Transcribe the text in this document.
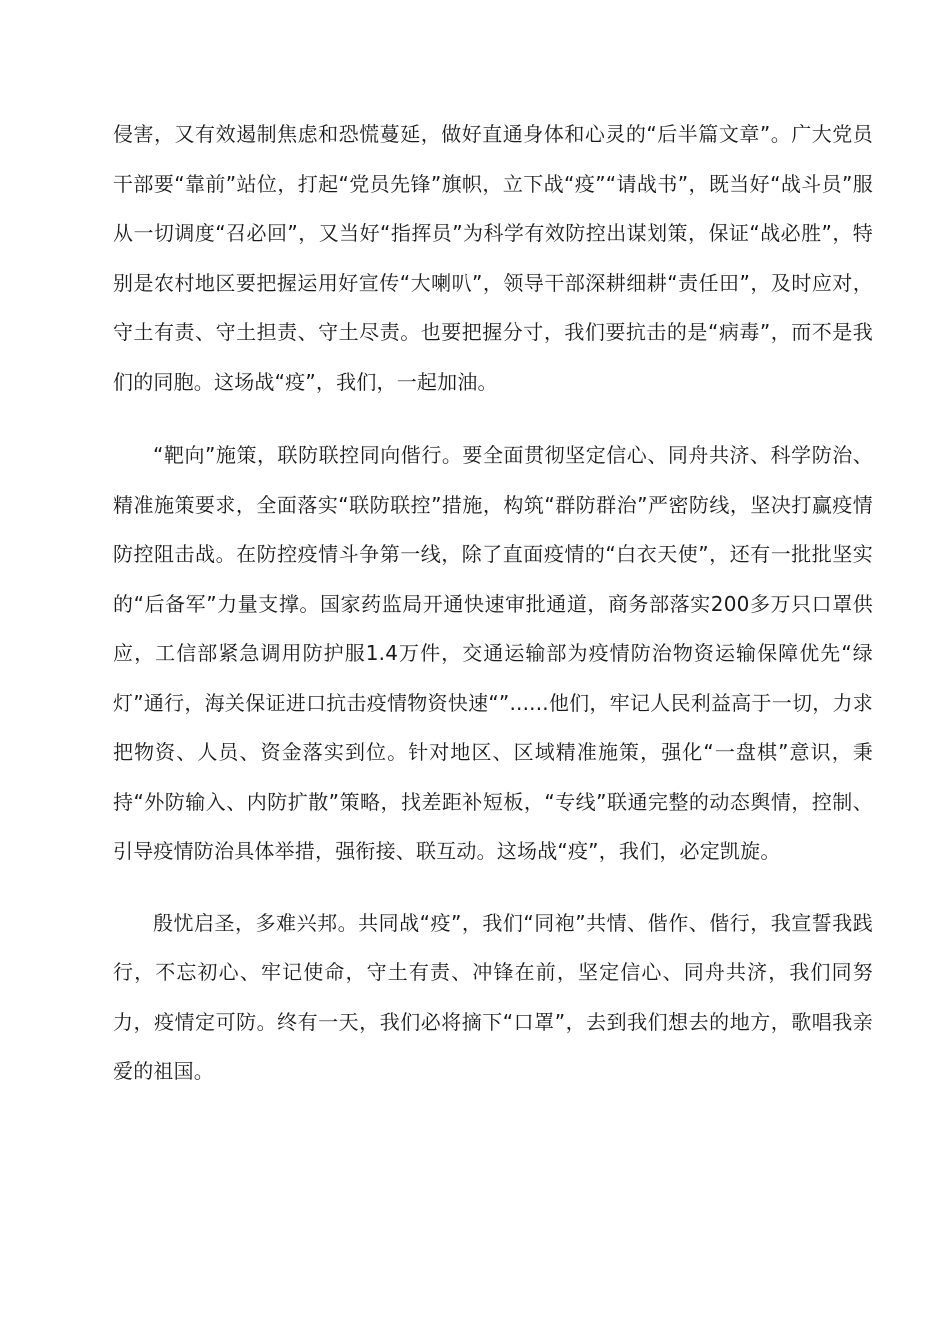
侵害，又有效遏制焦虑和恐慌蔓延，做好直通身体和心灵的“后半篇文章”。广大党员干部要“靠前”站位，打起“党员先锋”旗帜，立下战“疫”“请战书”，既当好“战斗员”服从一切调度“召必回”，又当好“指挥员”为科学有效防控出谋划策，保证“战必胜”，特别是农村地区要把握运用好宣传“大喇叭”，领导干部深耕细耕“责任田”，及时应对，守土有责、守土担责、守土尽责。也要把握分寸，我们要抗击的是“病毒”，而不是我们的同胞。这场战“疫”，我们，一起加油。

“靶向”施策，联防联控同向偕行。要全面贯彻坚定信心、同舟共济、科学防治、精准施策要求，全面落实“联防联控”措施，构筑“群防群治”严密防线，坚决打赢疫情防控阻击战。在防控疫情斗争第一线，除了直面疫情的“白衣天使”，还有一批批坚实的“后备军”力量支撑。国家药监局开通快速审批通道，商务部落实200多万只口罩供应，工信部紧急调用防护服1.4万件，交通运输部为疫情防治物资运输保障优先“绿灯”通行，海关保证进口抗击疫情物资快速“”......他们，牢记人民利益高于一切，力求把物资、人员、资金落实到位。针对地区、区域精准施策，强化“一盘棋”意识，秉持“外防输入、内防扩散”策略，找差距补短板，“专线”联通完整的动态舆情，控制、引导疫情防治具体举措，强衔接、联互动。这场战“疫”，我们，必定凯旋。

殷忧启圣，多难兴邦。共同战“疫”，我们“同袍”共情、偕作、偕行，我宣誓我践行，不忘初心、牢记使命，守土有责、冲锋在前，坚定信心、同舟共济，我们同努力，疫情定可防。终有一天，我们必将摘下“口罩”，去到我们想去的地方，歌唱我亲爱的祖国。
